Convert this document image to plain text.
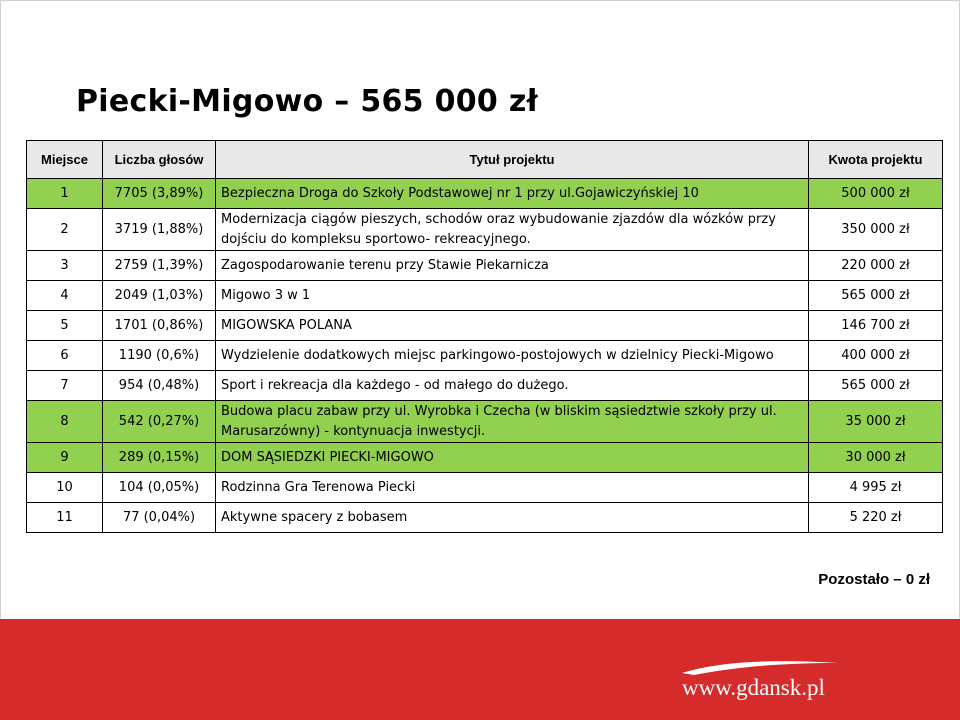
Piecki-Migowo – 565 000 zł
Miejsce	Liczba głosów	Tytuł projektu	Kwota projektu
1	7705 (3,89%)	Bezpieczna Droga do Szkoły Podstawowej nr 1 przy ul.Gojawiczyńskiej 10	500 000 zł
2	3719 (1,88%)	Modernizacja ciągów pieszych, schodów oraz wybudowanie zjazdów dla wózków przy dojściu do kompleksu sportowo- rekreacyjnego.	350 000 zł
3	2759 (1,39%)	Zagospodarowanie terenu przy Stawie Piekarnicza	220 000 zł
4	2049 (1,03%)	Migowo 3 w 1	565 000 zł
5	1701 (0,86%)	MIGOWSKA POLANA	146 700 zł
6	1190 (0,6%)	Wydzielenie dodatkowych miejsc parkingowo-postojowych w dzielnicy Piecki-Migowo	400 000 zł
7	954 (0,48%)	Sport i rekreacja dla każdego - od małego do dużego.	565 000 zł
8	542 (0,27%)	Budowa placu zabaw przy ul. Wyrobka i Czecha (w bliskim sąsiedztwie szkoły przy ul. Marusarzówny) - kontynuacja inwestycji.	35 000 zł
9	289 (0,15%)	DOM SĄSIEDZKI PIECKI-MIGOWO	30 000 zł
10	104 (0,05%)	Rodzinna Gra Terenowa Piecki	4 995 zł
11	77 (0,04%)	Aktywne spacery z bobasem	5 220 zł
Pozostało – 0 zł
www.gdansk.pl
